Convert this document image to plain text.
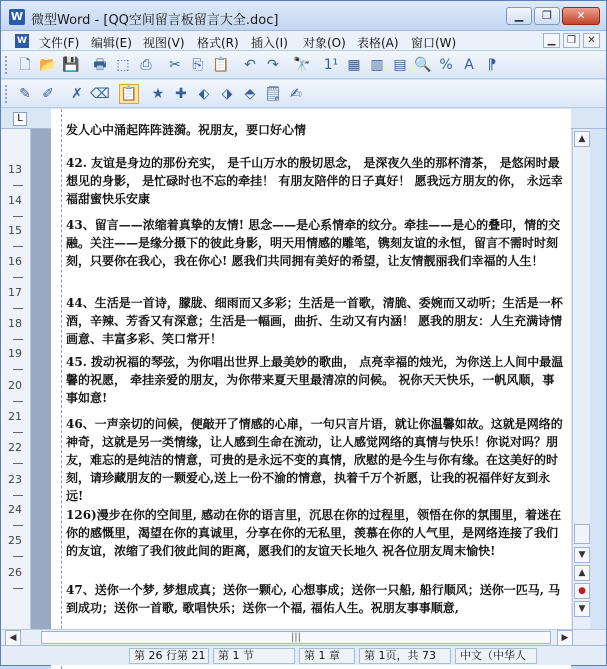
W 微型Word - [QQ空间留言板留言大全.doc]	▁	❐	✕
W 文件(F) 编辑(E) 视图(V) 格式(R) 插入(I) 对象(O) 表格(A) 窗口(W)	▁	❐	✕
🗋 📂 💾 🖶 ⬚ ⎙	✂ ⎘ 📋 ↶ ↷ 🔭 1¹ ▦ ▥ ▤ 🔍 % A ⁋
✎ ✐ ✗ ⌫ 📋 ★ ✚ ⬖ ⬗ ⬘ 🗒 ✍
L
13
14
15
16
17
18
19
20
21
22
23
24
25
26
发人心中涌起阵阵涟漪。祝朋友，要口好心情
42. 友谊是身边的那份充实， 是千山万水的殷切思念， 是深夜久坐的那杯清茶， 是悠闲时最想见的身影， 是忙碌时也不忘的牵挂！ 有朋友陪伴的日子真好！ 愿我远方朋友的你， 永远幸福甜蜜快乐安康
43、留言——浓缩着真挚的友情! 思念——是心系情牵的纹分。牵挂——是心的叠印，情的交融。关注——是缘分摄下的彼此身影，明天用情感的雕笔，镌刻友谊的永恒，留言不需时时刻刻，只要你在我心，我在你心! 愿我们共同拥有美好的希望，让友情靓丽我们幸福的人生！
44、生活是一首诗，朦胧、细雨而又多彩；生活是一首歌，清脆、委婉而又动听；生活是一杯酒，辛辣、芳香又有深意；生活是一幅画，曲折、生动又有内涵！ 愿我的朋友：人生充满诗情画意、丰富多彩、笑口常开！
45. 拨动祝福的琴弦，为你唱出世界上最美妙的歌曲， 点亮幸福的烛光，为你送上人间中最温馨的祝愿， 牵挂亲爱的朋友，为你带来夏天里最清凉的问候。 祝你天天快乐，一帆风顺，事事如意!
46、一声亲切的问候，便敲开了情感的心扉，一句只言片语，就让你温馨如故。这就是网络的神奇，这就是另一类情缘，让人感到生命在流动，让人感觉网络的真情与快乐！你说对吗？朋友，难忘的是纯洁的情意，可贵的是永远不变的真情，欣慰的是今生与你有缘。在这美好的时刻，请珍藏朋友的一颗爱心,送上一份不渝的情意，执着千万个祈愿，让我的祝福伴好友到永远!
126)漫步在你的空间里, 感动在你的语言里，沉思在你的过程里，领悟在你的氛围里，着迷在你的感慨里，渴望在你的真诚里，分享在你的无私里，羡慕在你的人气里，是网络连接了我们的友谊，浓缩了我们彼此间的距离，愿我们的友谊天长地久 祝各位朋友周末愉快!
47、送你一个梦, 梦想成真；送你一颗心, 心想事成；送你一只船, 船行顺风；送你一匹马, 马到成功；送你一首歌, 歌唱快乐；送你一个福, 福佑人生。祝朋友事事顺意,
▲
▼
▲
●
▼
◀	|||	▶
第 26 行第 21	第 1 节	第 1 章	第 1页，共 73	中文（中华人
